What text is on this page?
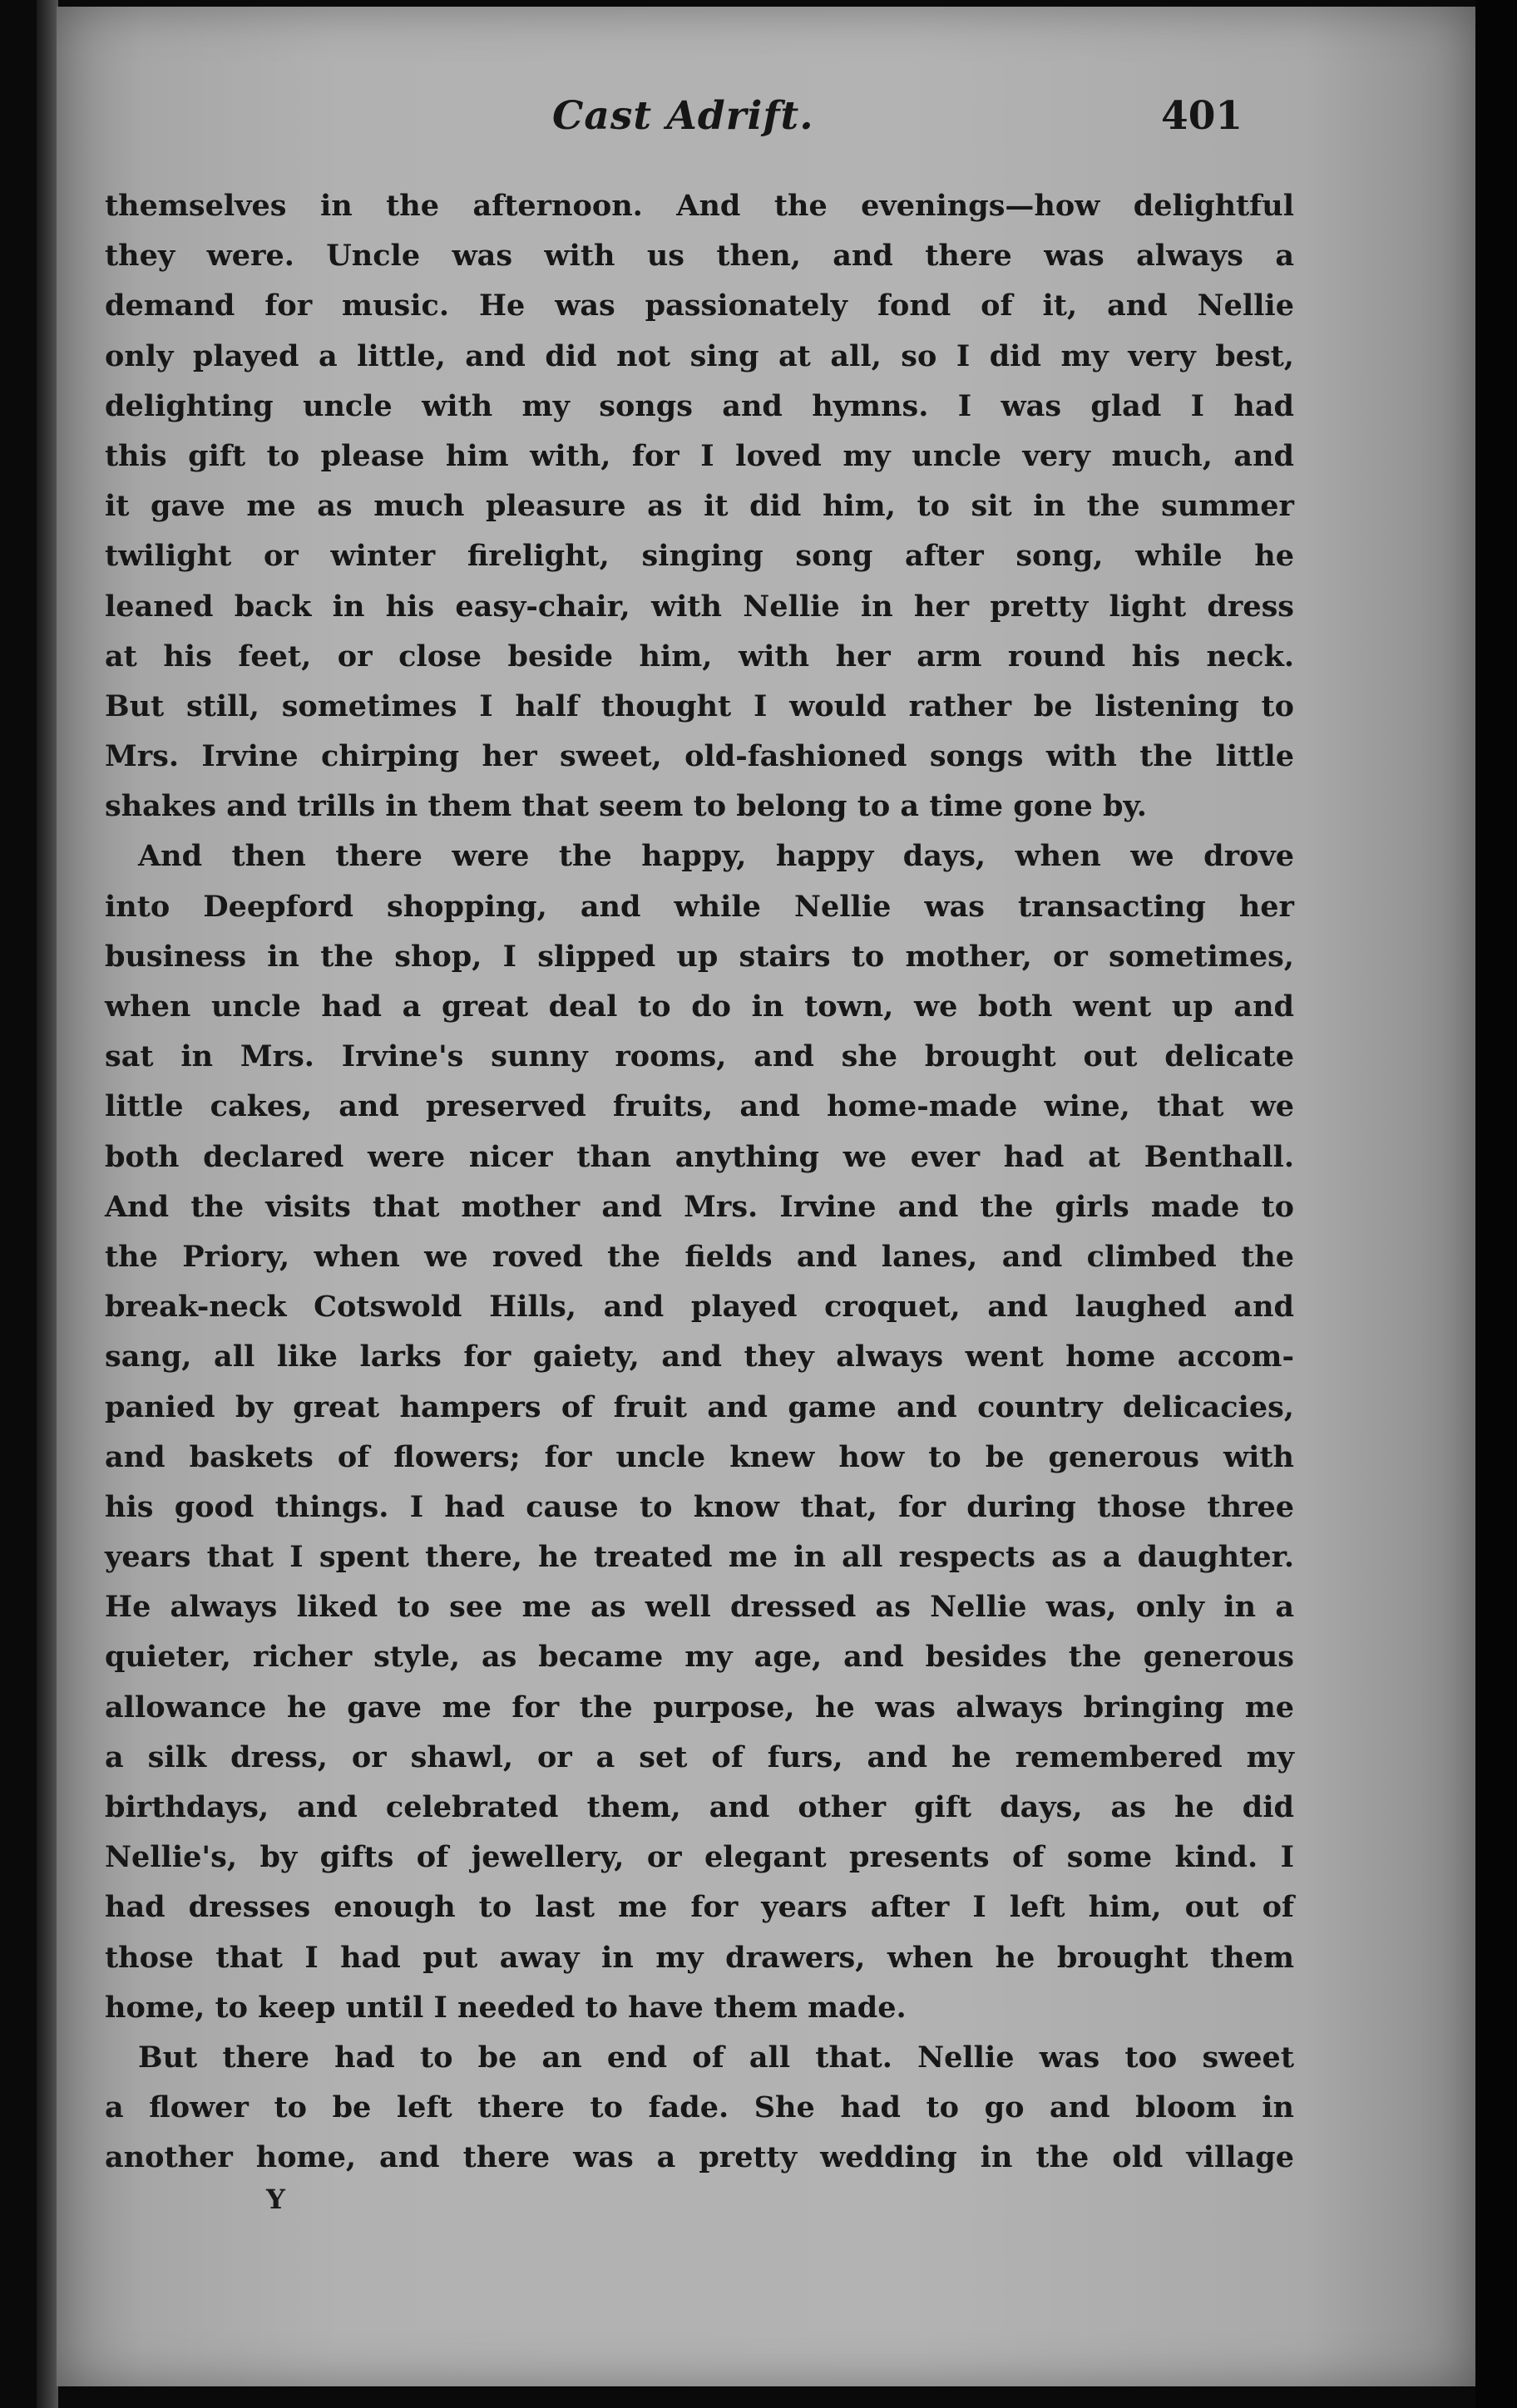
Cast Adrift.	401
themselves in the afternoon. And the evenings—how delightful
they were. Uncle was with us then, and there was always a
demand for music. He was passionately fond of it, and Nellie
only played a little, and did not sing at all, so I did my very best,
delighting uncle with my songs and hymns. I was glad I had
this gift to please him with, for I loved my uncle very much, and
it gave me as much pleasure as it did him, to sit in the summer
twilight or winter firelight, singing song after song, while he
leaned back in his easy-chair, with Nellie in her pretty light dress
at his feet, or close beside him, with her arm round his neck.
But still, sometimes I half thought I would rather be listening to
Mrs. Irvine chirping her sweet, old-fashioned songs with the little
shakes and trills in them that seem to belong to a time gone by.
And then there were the happy, happy days, when we drove
into Deepford shopping, and while Nellie was transacting her
business in the shop, I slipped up stairs to mother, or sometimes,
when uncle had a great deal to do in town, we both went up and
sat in Mrs. Irvine's sunny rooms, and she brought out delicate
little cakes, and preserved fruits, and home-made wine, that we
both declared were nicer than anything we ever had at Benthall.
And the visits that mother and Mrs. Irvine and the girls made to
the Priory, when we roved the fields and lanes, and climbed the
break-neck Cotswold Hills, and played croquet, and laughed and
sang, all like larks for gaiety, and they always went home accom-
panied by great hampers of fruit and game and country delicacies,
and baskets of flowers; for uncle knew how to be generous with
his good things. I had cause to know that, for during those three
years that I spent there, he treated me in all respects as a daughter.
He always liked to see me as well dressed as Nellie was, only in a
quieter, richer style, as became my age, and besides the generous
allowance he gave me for the purpose, he was always bringing me
a silk dress, or shawl, or a set of furs, and he remembered my
birthdays, and celebrated them, and other gift days, as he did
Nellie's, by gifts of jewellery, or elegant presents of some kind. I
had dresses enough to last me for years after I left him, out of
those that I had put away in my drawers, when he brought them
home, to keep until I needed to have them made.
But there had to be an end of all that. Nellie was too sweet
a flower to be left there to fade. She had to go and bloom in
another home, and there was a pretty wedding in the old village
Y
